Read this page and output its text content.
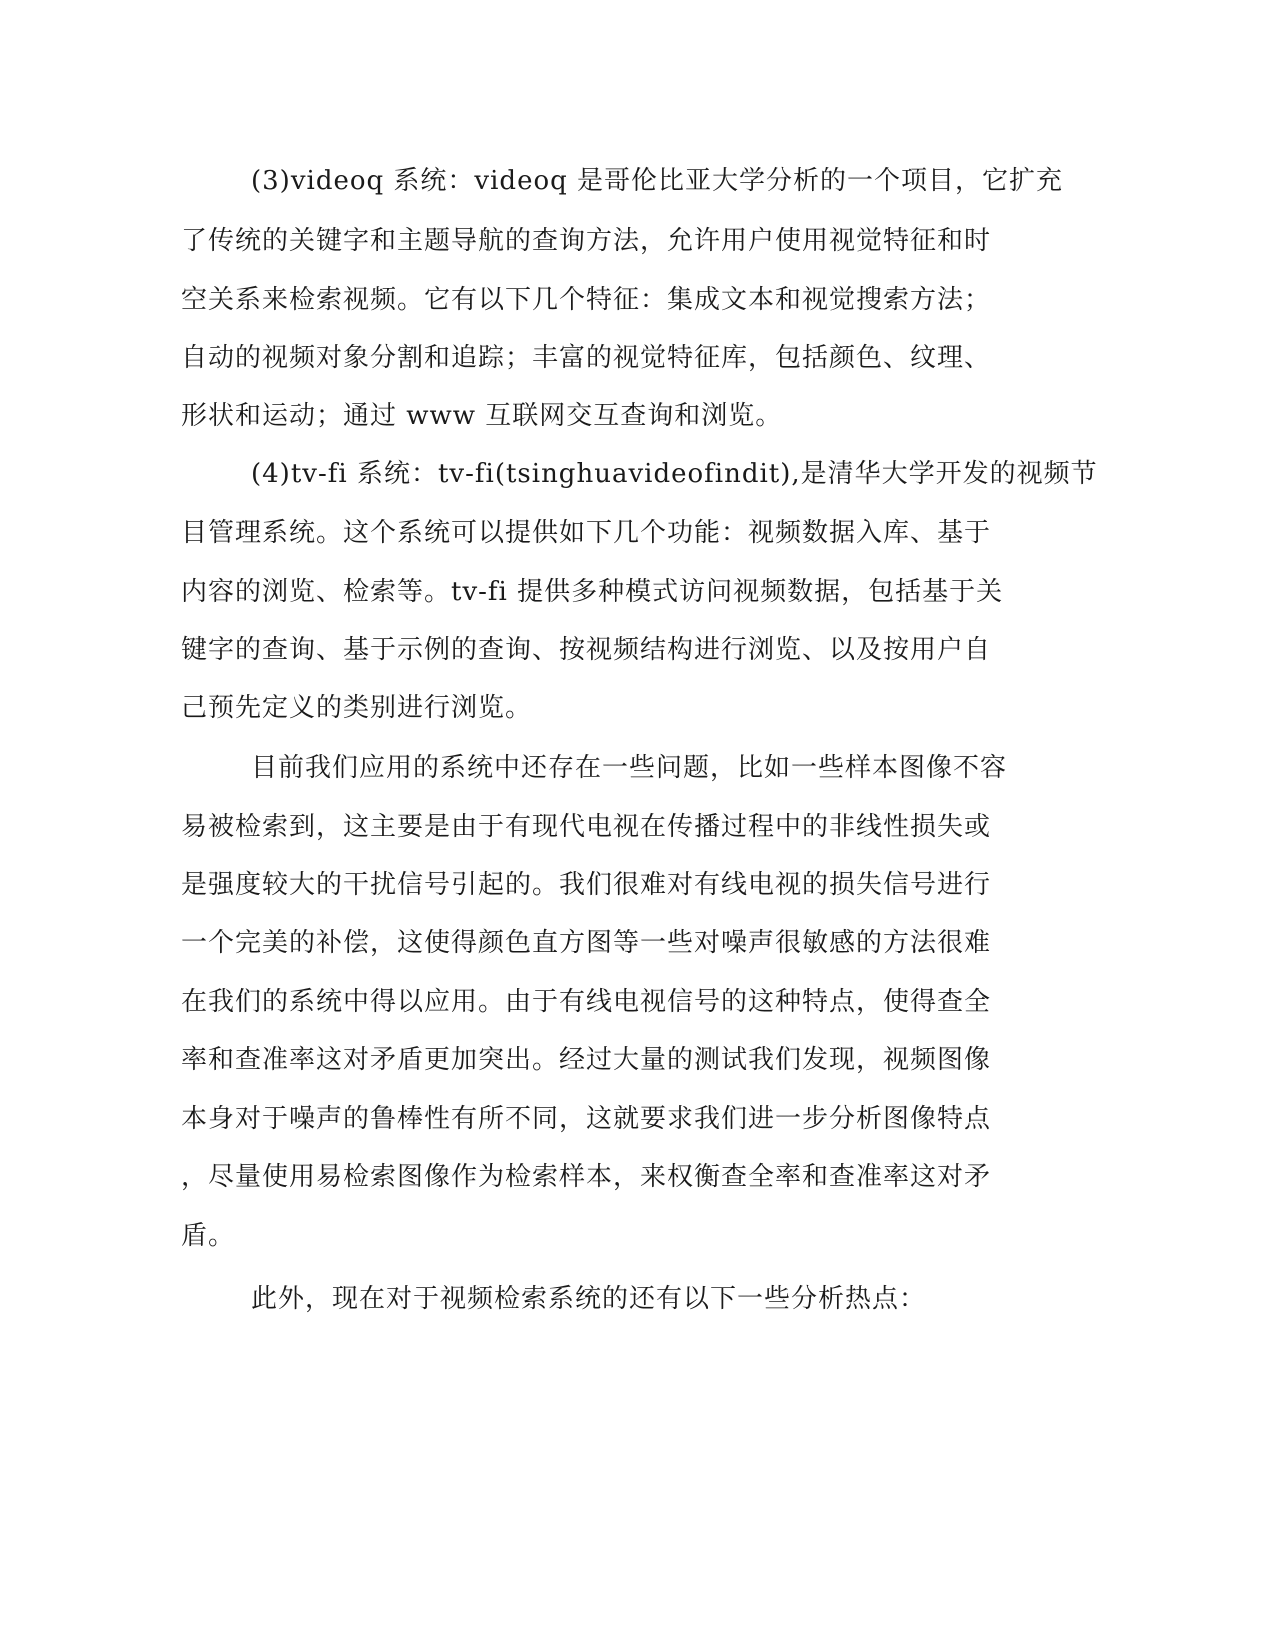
(3)videoq 系统：videoq 是哥伦比亚大学分析的一个项目，它扩充
了传统的关键字和主题导航的查询方法，允许用户使用视觉特征和时
空关系来检索视频。它有以下几个特征：集成文本和视觉搜索方法；
自动的视频对象分割和追踪；丰富的视觉特征库，包括颜色、纹理、
形状和运动；通过 www 互联网交互查询和浏览。
(4)tv-fi 系统：tv-fi(tsinghuavideofindit),是清华大学开发的视频节
目管理系统。这个系统可以提供如下几个功能：视频数据入库、基于
内容的浏览、检索等。tv-fi 提供多种模式访问视频数据，包括基于关
键字的查询、基于示例的查询、按视频结构进行浏览、以及按用户自
己预先定义的类别进行浏览。
目前我们应用的系统中还存在一些问题，比如一些样本图像不容
易被检索到，这主要是由于有现代电视在传播过程中的非线性损失或
是强度较大的干扰信号引起的。我们很难对有线电视的损失信号进行
一个完美的补偿，这使得颜色直方图等一些对噪声很敏感的方法很难
在我们的系统中得以应用。由于有线电视信号的这种特点，使得查全
率和查准率这对矛盾更加突出。经过大量的测试我们发现，视频图像
本身对于噪声的鲁棒性有所不同，这就要求我们进一步分析图像特点
，尽量使用易检索图像作为检索样本，来权衡查全率和查准率这对矛
盾。
此外，现在对于视频检索系统的还有以下一些分析热点：
